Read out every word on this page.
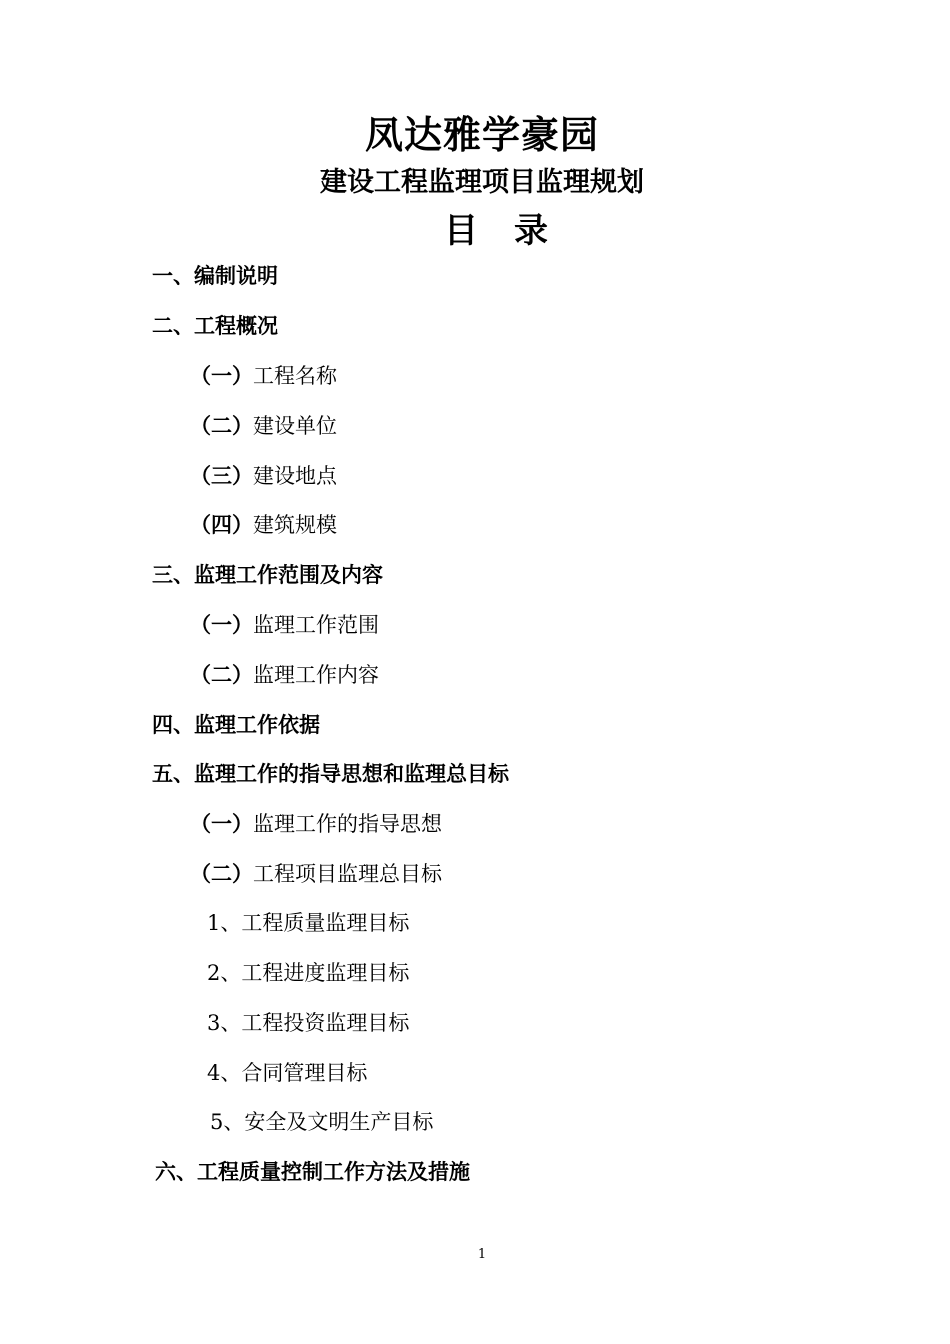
凤达雅学豪园
建设工程监理项目监理规划
目 录
一、编制说明
二、工程概况
（一）工程名称
（二）建设单位
（三）建设地点
（四）建筑规模
三、监理工作范围及内容
（一）监理工作范围
（二）监理工作内容
四、监理工作依据
五、监理工作的指导思想和监理总目标
（一）监理工作的指导思想
（二）工程项目监理总目标
1、工程质量监理目标
2、工程进度监理目标
3、工程投资监理目标
4、合同管理目标
5、安全及文明生产目标
六、工程质量控制工作方法及措施
1
